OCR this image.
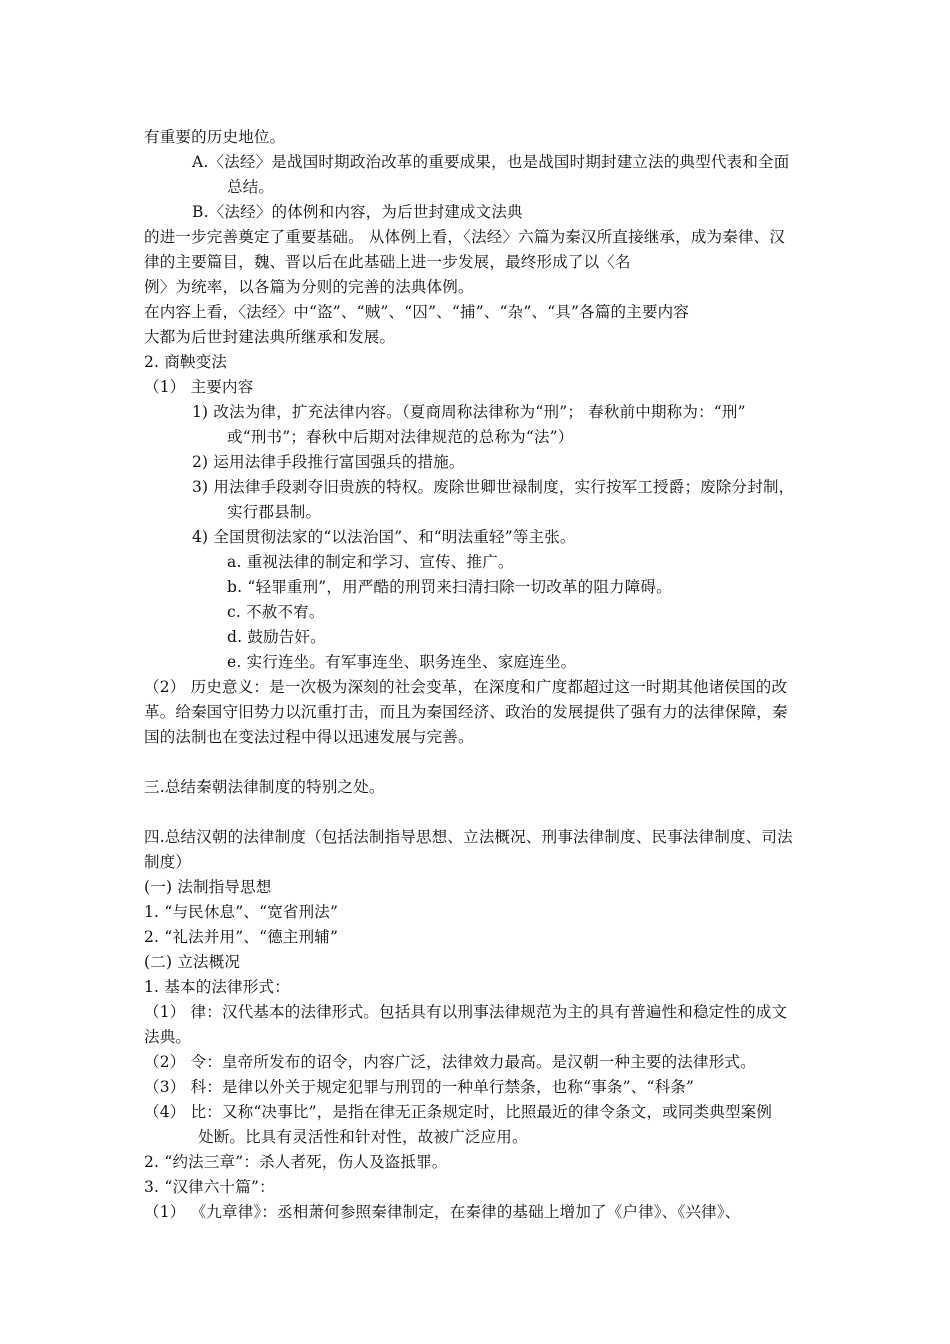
有重要的历史地位。
A.〈法经〉是战国时期政治改革的重要成果，也是战国时期封建立法的典型代表和全面
总结。
B.〈法经〉的体例和内容，为后世封建成文法典
的进一步完善奠定了重要基础。 从体例上看，〈法经〉六篇为秦汉所直接继承，成为秦律、汉
律的主要篇目，魏、晋以后在此基础上进一步发展，最终形成了以〈名
例〉为统率，以各篇为分则的完善的法典体例。
在内容上看，〈法经〉中“盗”、“贼”、“囚”、“捕”、“杂”、“具”各篇的主要内容
大都为后世封建法典所继承和发展。
2. 商鞅变法
（1） 主要内容
1) 改法为律，扩充法律内容。（夏商周称法律称为“刑”； 春秋前中期称为：“刑”
或“刑书”；春秋中后期对法律规范的总称为“法”）
2) 运用法律手段推行富国强兵的措施。
3) 用法律手段剥夺旧贵族的特权。废除世卿世禄制度，实行按军工授爵；废除分封制，
实行郡县制。
4) 全国贯彻法家的“以法治国”、和“明法重轻”等主张。
a. 重视法律的制定和学习、宣传、推广。
b. “轻罪重刑”，用严酷的刑罚来扫清扫除一切改革的阻力障碍。
c. 不赦不宥。
d. 鼓励告奸。
e. 实行连坐。有军事连坐、职务连坐、家庭连坐。
（2） 历史意义：是一次极为深刻的社会变革，在深度和广度都超过这一时期其他诸侯国的改
革。给秦国守旧势力以沉重打击，而且为秦国经济、政治的发展提供了强有力的法律保障，秦
国的法制也在变法过程中得以迅速发展与完善。
三.总结秦朝法律制度的特别之处。
四.总结汉朝的法律制度（包括法制指导思想、立法概况、刑事法律制度、民事法律制度、司法
制度）
(一) 法制指导思想
1. “与民休息”、“宽省刑法”
2. “礼法并用”、“德主刑辅”
(二) 立法概况
1. 基本的法律形式：
（1） 律：汉代基本的法律形式。包括具有以刑事法律规范为主的具有普遍性和稳定性的成文
法典。
（2） 令：皇帝所发布的诏令，内容广泛，法律效力最高。是汉朝一种主要的法律形式。
（3） 科：是律以外关于规定犯罪与刑罚的一种单行禁条，也称“事条”、“科条”
（4） 比：又称“决事比”，是指在律无正条规定时，比照最近的律令条文，或同类典型案例
处断。比具有灵活性和针对性，故被广泛应用。
2. “约法三章”：杀人者死，伤人及盗抵罪。
3. “汉律六十篇”：
（1） 《九章律》：丞相萧何参照秦律制定，在秦律的基础上增加了《户律》、《兴律》、
